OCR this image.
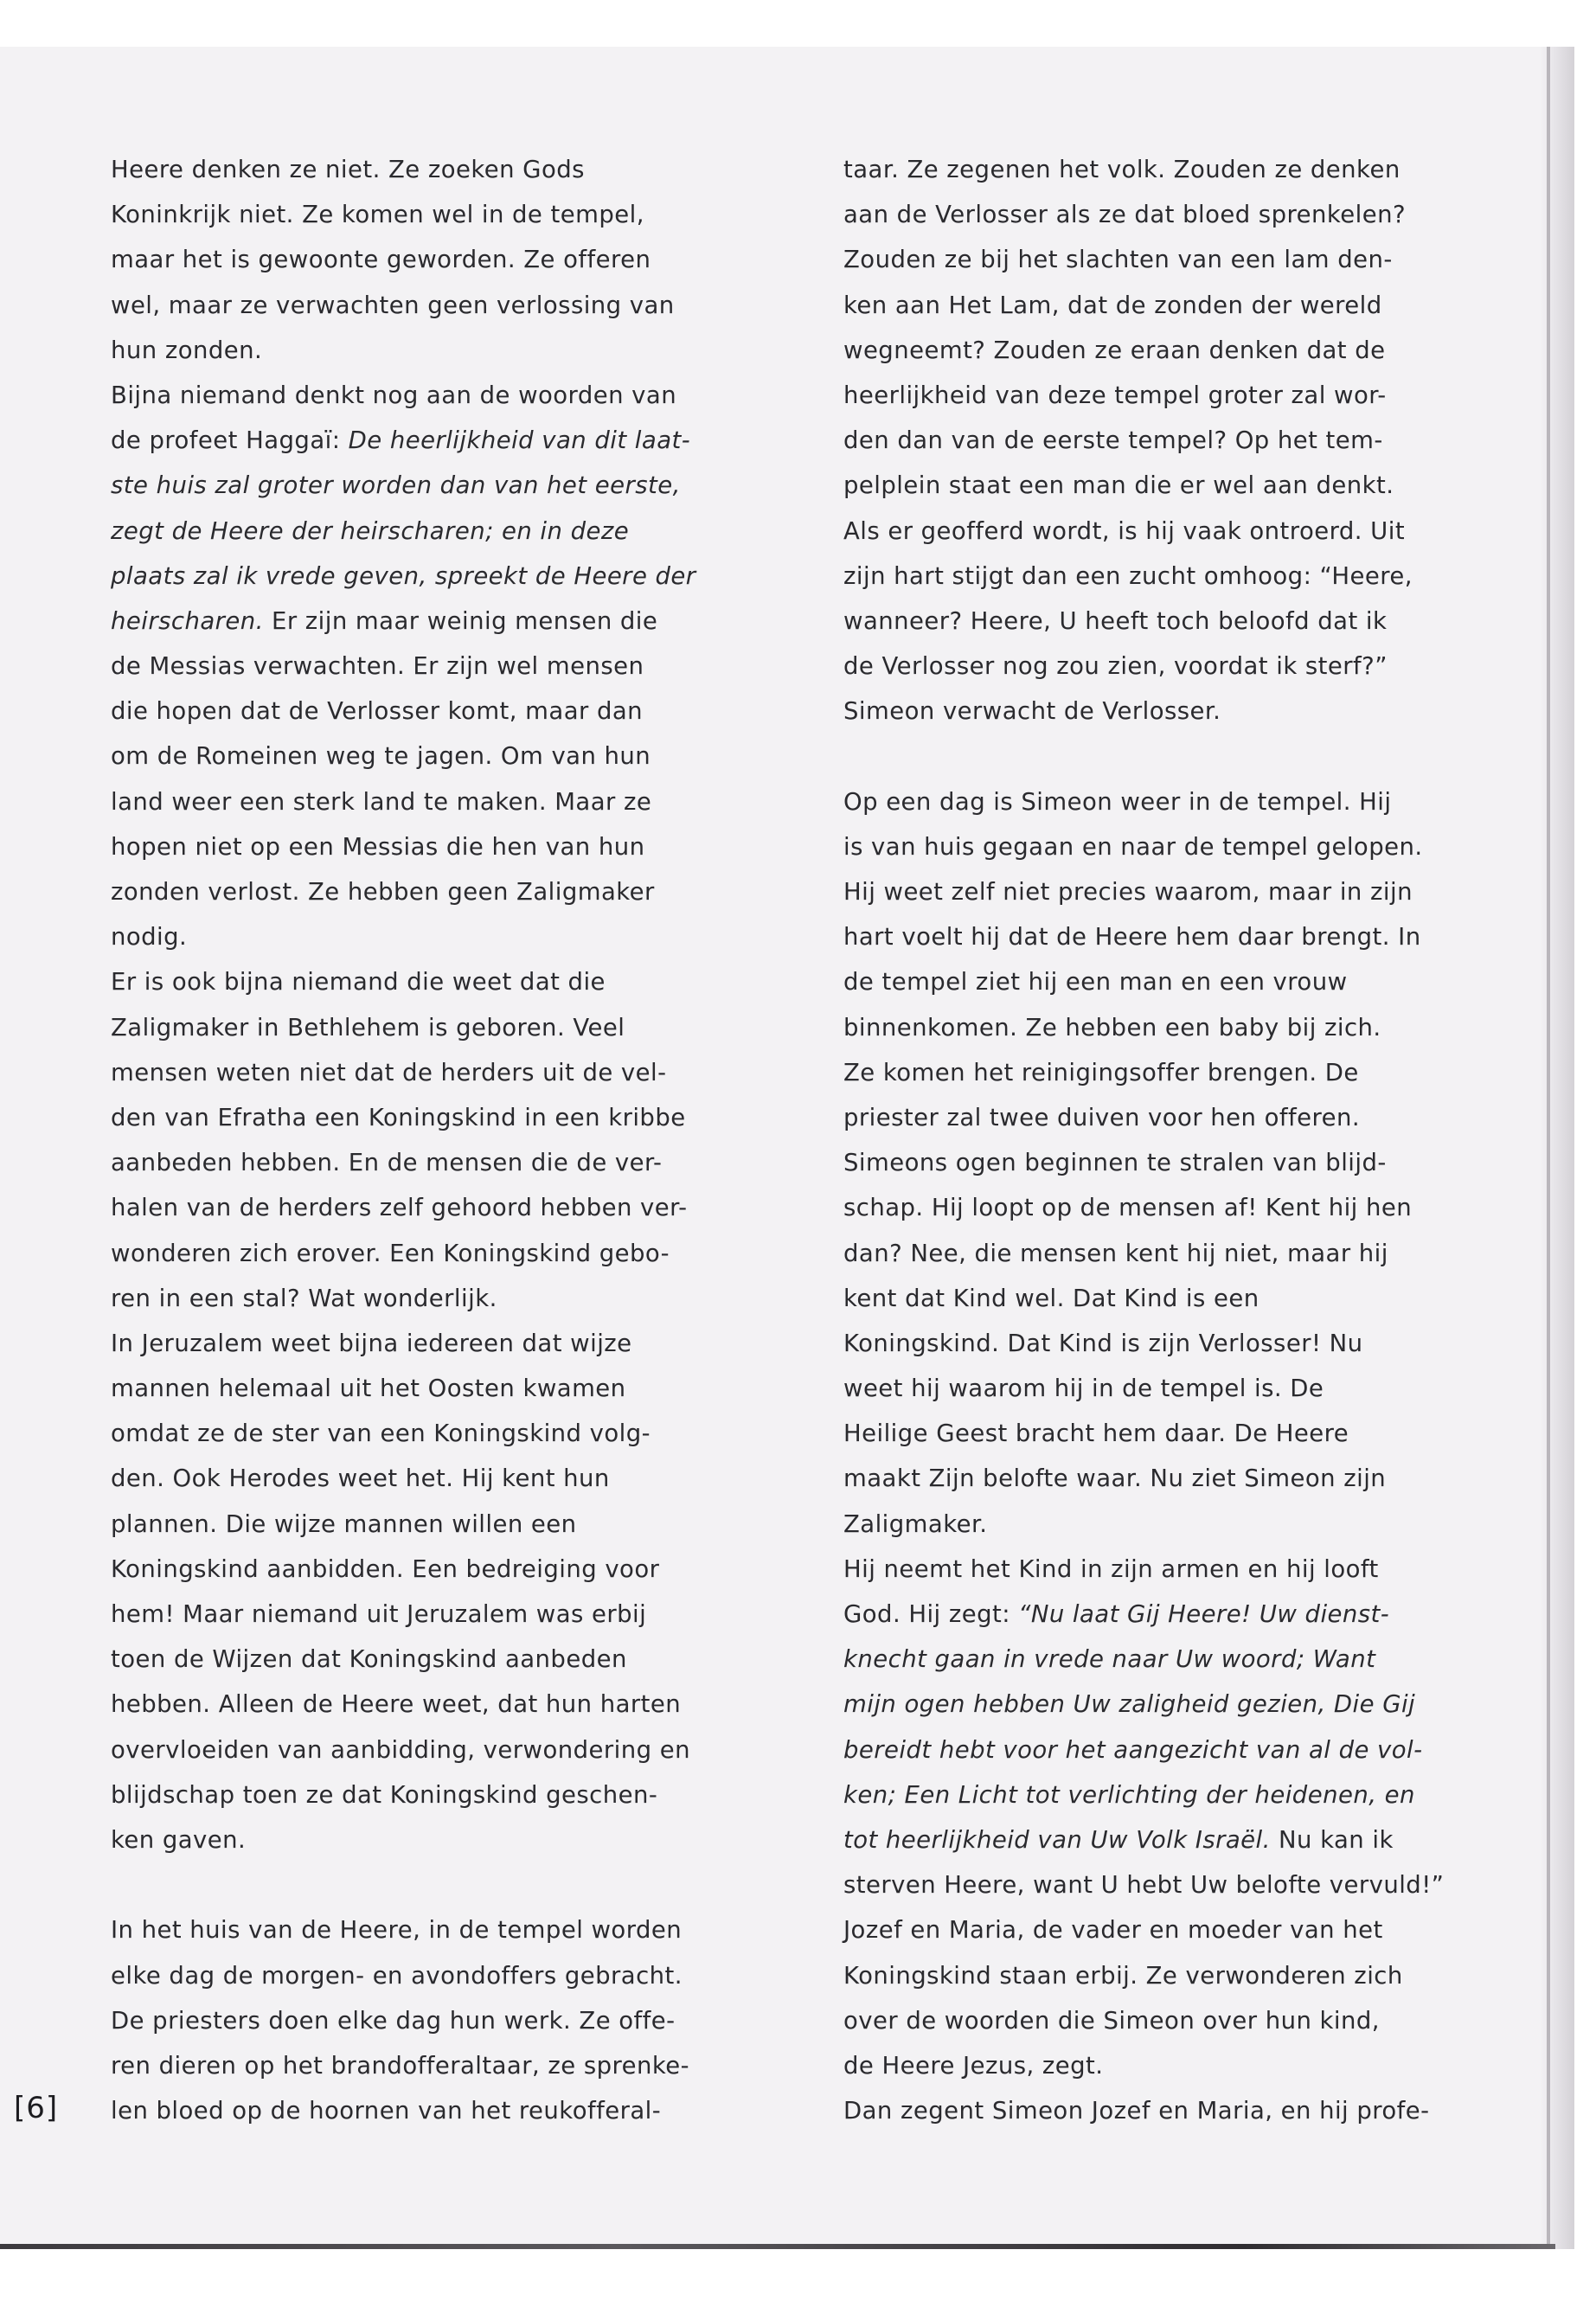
Heere denken ze niet. Ze zoeken Gods
Koninkrijk niet. Ze komen wel in de tempel,
maar het is gewoonte geworden. Ze offeren
wel, maar ze verwachten geen verlossing van
hun zonden.
Bijna niemand denkt nog aan de woorden van
de profeet Haggaï: De heerlijkheid van dit laat-
ste huis zal groter worden dan van het eerste,
zegt de Heere der heirscharen; en in deze
plaats zal ik vrede geven, spreekt de Heere der
heirscharen. Er zijn maar weinig mensen die
de Messias verwachten. Er zijn wel mensen
die hopen dat de Verlosser komt, maar dan
om de Romeinen weg te jagen. Om van hun
land weer een sterk land te maken. Maar ze
hopen niet op een Messias die hen van hun
zonden verlost. Ze hebben geen Zaligmaker
nodig.
Er is ook bijna niemand die weet dat die
Zaligmaker in Bethlehem is geboren. Veel
mensen weten niet dat de herders uit de vel-
den van Efratha een Koningskind in een kribbe
aanbeden hebben. En de mensen die de ver-
halen van de herders zelf gehoord hebben ver-
wonderen zich erover. Een Koningskind gebo-
ren in een stal? Wat wonderlijk.
In Jeruzalem weet bijna iedereen dat wijze
mannen helemaal uit het Oosten kwamen
omdat ze de ster van een Koningskind volg-
den. Ook Herodes weet het. Hij kent hun
plannen. Die wijze mannen willen een
Koningskind aanbidden. Een bedreiging voor
hem! Maar niemand uit Jeruzalem was erbij
toen de Wijzen dat Koningskind aanbeden
hebben. Alleen de Heere weet, dat hun harten
overvloeiden van aanbidding, verwondering en
blijdschap toen ze dat Koningskind geschen-
ken gaven.
In het huis van de Heere, in de tempel worden
elke dag de morgen- en avondoffers gebracht.
De priesters doen elke dag hun werk. Ze offe-
ren dieren op het brandofferaltaar, ze sprenke-
len bloed op de hoornen van het reukofferal-
taar. Ze zegenen het volk. Zouden ze denken
aan de Verlosser als ze dat bloed sprenkelen?
Zouden ze bij het slachten van een lam den-
ken aan Het Lam, dat de zonden der wereld
wegneemt? Zouden ze eraan denken dat de
heerlijkheid van deze tempel groter zal wor-
den dan van de eerste tempel? Op het tem-
pelplein staat een man die er wel aan denkt.
Als er geofferd wordt, is hij vaak ontroerd. Uit
zijn hart stijgt dan een zucht omhoog: “Heere,
wanneer? Heere, U heeft toch beloofd dat ik
de Verlosser nog zou zien, voordat ik sterf?”
Simeon verwacht de Verlosser.
Op een dag is Simeon weer in de tempel. Hij
is van huis gegaan en naar de tempel gelopen.
Hij weet zelf niet precies waarom, maar in zijn
hart voelt hij dat de Heere hem daar brengt. In
de tempel ziet hij een man en een vrouw
binnenkomen. Ze hebben een baby bij zich.
Ze komen het reinigingsoffer brengen. De
priester zal twee duiven voor hen offeren.
Simeons ogen beginnen te stralen van blijd-
schap. Hij loopt op de mensen af! Kent hij hen
dan? Nee, die mensen kent hij niet, maar hij
kent dat Kind wel. Dat Kind is een
Koningskind. Dat Kind is zijn Verlosser! Nu
weet hij waarom hij in de tempel is. De
Heilige Geest bracht hem daar. De Heere
maakt Zijn belofte waar. Nu ziet Simeon zijn
Zaligmaker.
Hij neemt het Kind in zijn armen en hij looft
God. Hij zegt: “Nu laat Gij Heere! Uw dienst-
knecht gaan in vrede naar Uw woord; Want
mijn ogen hebben Uw zaligheid gezien, Die Gij
bereidt hebt voor het aangezicht van al de vol-
ken; Een Licht tot verlichting der heidenen, en
tot heerlijkheid van Uw Volk Israël. Nu kan ik
sterven Heere, want U hebt Uw belofte vervuld!”
Jozef en Maria, de vader en moeder van het
Koningskind staan erbij. Ze verwonderen zich
over de woorden die Simeon over hun kind,
de Heere Jezus, zegt.
Dan zegent Simeon Jozef en Maria, en hij profe-
[6]
